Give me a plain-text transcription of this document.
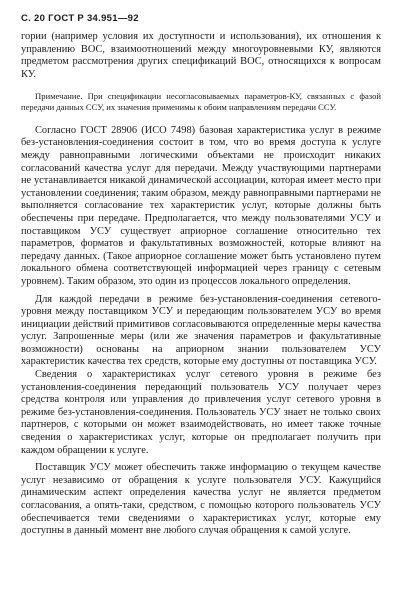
С. 20 ГОСТ Р 34.951—92

гории (например условия их доступности и использования), их отношения к управлению ВОС, взаимоотношений между многоуровневыми КУ, являются предметом рассмотрения других спецификаций ВОС, относящихся к вопросам КУ.

Примечание. При спецификации несогласовываемых параметров-КУ, связанных с фазой передачи данных ССУ, их значения применимы к обоим направлениям передачи ССУ.

Согласно ГОСТ 28906 (ИСО 7498) базовая характеристика услуг в режиме без-установления-соединения состоит в том, что во время доступа к услуге между равноправными логическими объектами не происходит никаких согласований качества услуг для передачи. Между участвующими партнерами не устанавливается никакой динамической ассоциации, которая имеет место при установлении соединения; таким образом, между равноправными партнерами не выполняется согласование тех характеристик услуг, которые должны быть обеспечены при передаче. Предполагается, что между пользователями УСУ и поставщиком УСУ существует априорное соглашение относительно тех параметров, форматов и факультативных возможностей, которые влияют на передачу данных. (Такое априорное соглашение может быть установлено путем локального обмена соответствующей информацией через границу с сетевым уровнем). Таким образом, это один из процессов локального определения.

Для каждой передачи в режиме без-установления-соединения сетевого-уровня между поставщиком УСУ и передающим пользователем УСУ во время инициации действий примитивов согласовываются определенные меры качества услуг. Запрошенные меры (или же значения параметров и факультативные возможности) основаны на априорном знании пользователем УСУ характеристик качества тех средств, которые ему доступны от поставщика УСУ.

Сведения о характеристиках услуг сетевого уровня в режиме без установления-соединения передающий пользователь УСУ получает через средства контроля или управления до привлечения услуг сетевого уровня в режиме без-установления-соединения. Пользователь УСУ знает не только своих партнеров, с которыми он может взаимодействовать, но имеет также точные сведения о характеристиках услуг, которые он предполагает получить при каждом обращении к услуге.

Поставщик УСУ может обеспечить также информацию о текущем качестве услуг независимо от обращения к услуге пользователя УСУ. Кажущийся динамическим аспект определения качества услуг не является предметом согласования, а опять-таки, средством, с помощью которого пользователь УСУ обеспечивается теми сведениями о характеристиках услуг, которые ему доступны в данный момент вне любого случая обращения к самой услуге.
